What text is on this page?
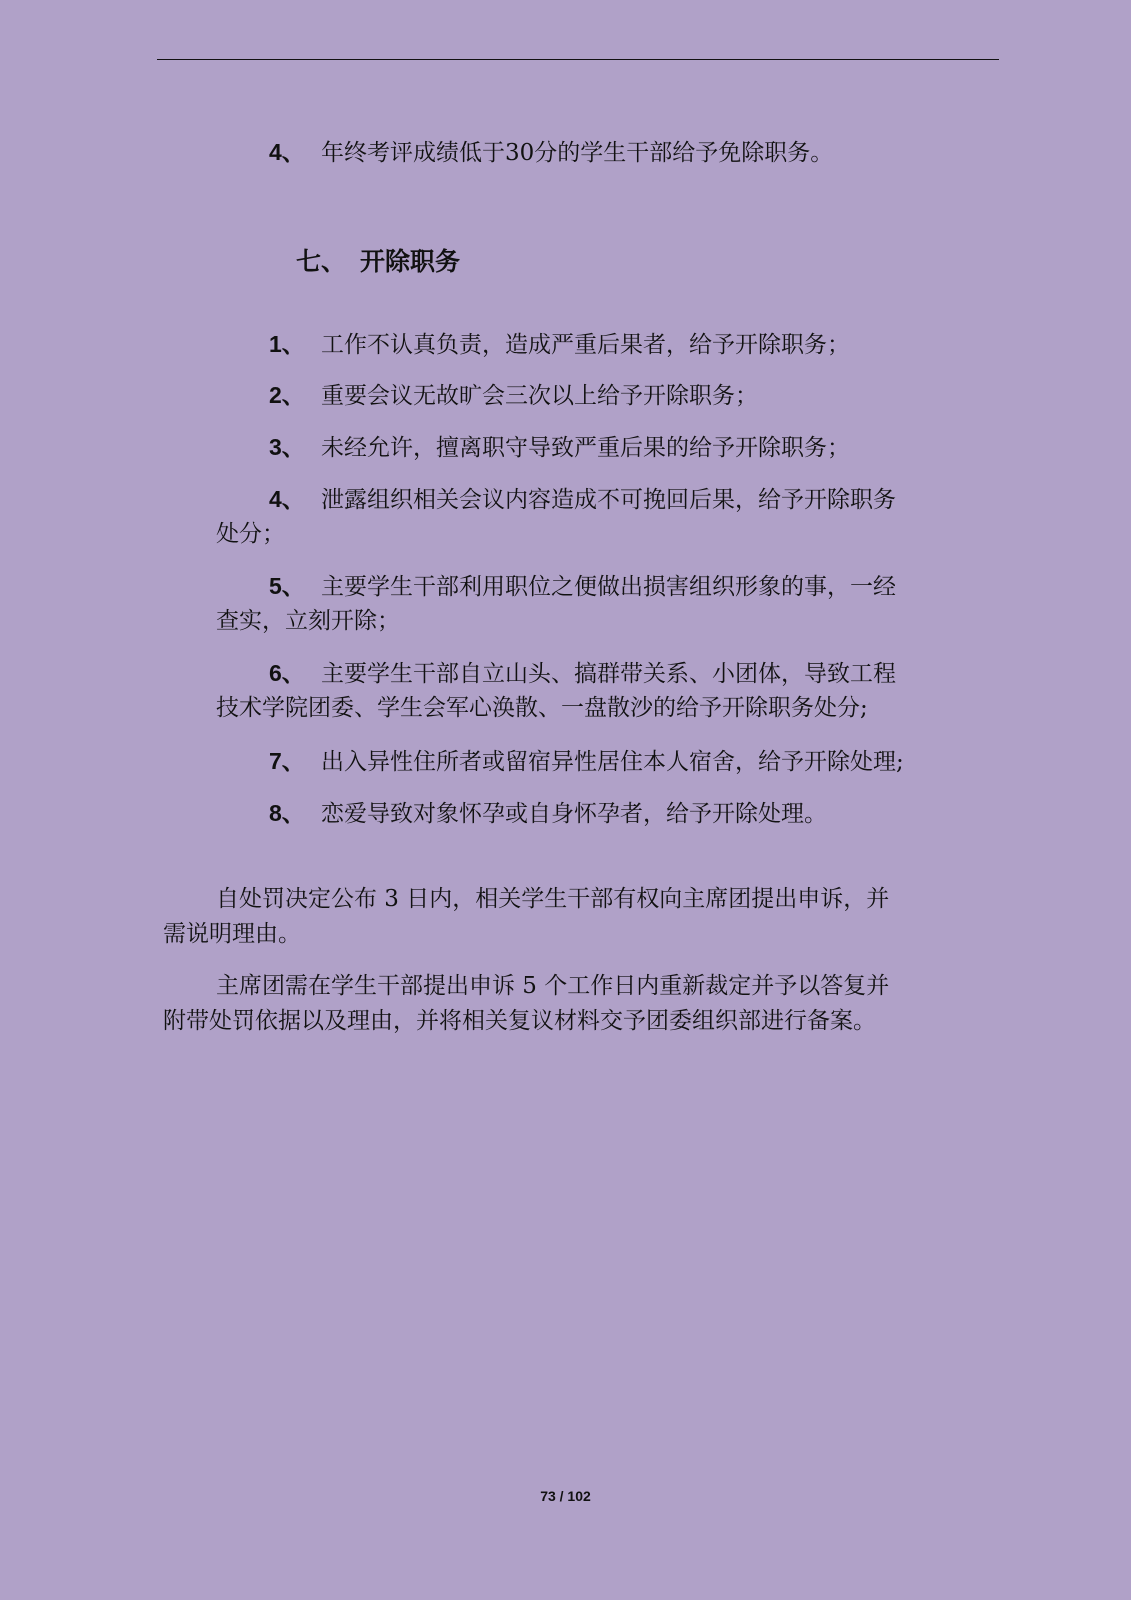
4、 年终考评成绩低于30分的学生干部给予免除职务。
七、 开除职务
1、 工作不认真负责，造成严重后果者，给予开除职务；
2、 重要会议无故旷会三次以上给予开除职务；
3、 未经允许，擅离职守导致严重后果的给予开除职务；
4、 泄露组织相关会议内容造成不可挽回后果，给予开除职务
处分；
5、 主要学生干部利用职位之便做出损害组织形象的事，一经
查实，立刻开除；
6、 主要学生干部自立山头、搞群带关系、小团体，导致工程
技术学院团委、学生会军心涣散、一盘散沙的给予开除职务处分;
7、 出入异性住所者或留宿异性居住本人宿舍，给予开除处理;
8、 恋爱导致对象怀孕或自身怀孕者，给予开除处理。
自处罚决定公布 3 日内，相关学生干部有权向主席团提出申诉，并
需说明理由。
主席团需在学生干部提出申诉 5 个工作日内重新裁定并予以答复并
附带处罚依据以及理由，并将相关复议材料交予团委组织部进行备案。
73 / 102
